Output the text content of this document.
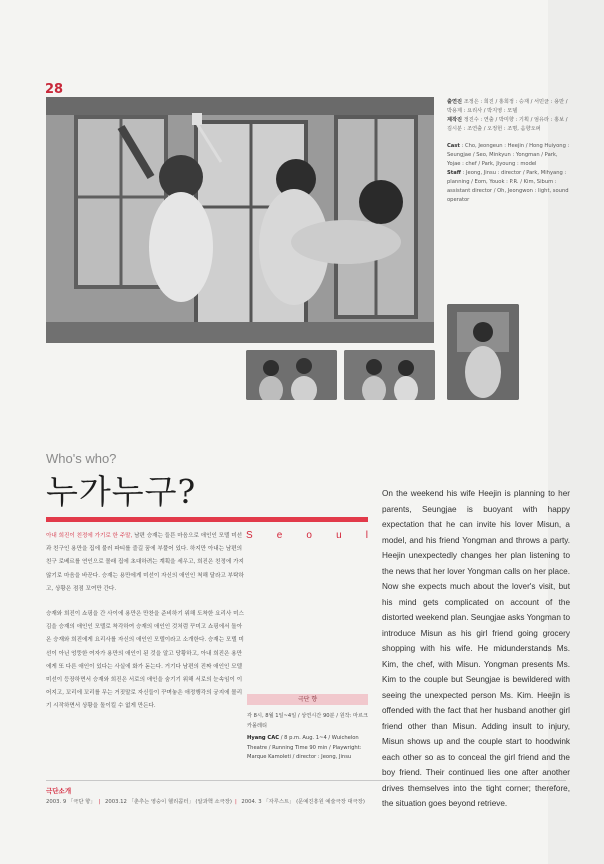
28

출연진 조정은 : 희진 / 홍희정 : 승재 / 서민균 : 용만 / 박용제 : 요리사 / 박지영 : 모델

제작진 정진수 : 연출 / 박미향 : 기획 / 엄유라 : 홍보 / 김시분 : 조연출 / 오정헌 : 조명, 음향오퍼

Cast : Cho, Jeongeun : Heejin / Hong Huiyong : Seungjae / Seo, Minkyun : Yongman / Park, Yojae : chef / Park, Jiyoung : model

Staff : Jeong, Jinsu : director / Park, Mihyang : planning / Eom, Youok : P.R. / Kim, Sibum : assistant director / Oh, Jeongwon : light, sound operator

Who's who?
누가누구?

아내 희진이 친정에 가기로 한 주말, 남편 승재는 들뜬 마음으로 애인인 모델 미선과 친구인 용만을 집에 불러 파티를 즐길 꿈에 부풀어 있다. 하지만 아내는 남편의 친구 로베르를 연인으로 몰래 집에 초대하려는 계획을 세우고, 희진은 친정에 가지 않기로 마음을 바꾼다. 승재는 용만에게 미선이 자신의 애인인 척해 달라고 부탁하고, 상황은 점점 꼬여만 간다.

승재와 희진이 쇼핑을 간 사이에 용만은 만찬을 준비하기 위해 도착한 요리사 미스김을 승재의 애인인 모델로 착각하여 승재의 애인인 것처럼 꾸미고 쇼핑에서 돌아온 승재와 희진에게 요리사를 자신의 애인인 모델이라고 소개한다. 승재는 모델 미선이 아닌 엉뚱한 여자가 용만의 애인이 된 것을 알고 당황하고, 아내 희진은 용만에게 또 다른 애인이 있다는 사실에 화가 돋는다. 거기다 남편의 진짜 애인인 모델 미선이 등장하면서 승재와 희진은 서로의 애인을 숨기기 위해 서로의 눈속임이 이어지고, 꼬리에 꼬리를 무는 거짓말로 자신들이 꾸며놓은 애정행각의 궁지에 몰리기 시작하면서 상황을 돌이킬 수 없게 만든다.

S e o u l
극단 향
각 8시, 8월 1일~4일 / 상연시간 90분 / 원작: 마르크 카몰레티
Hyang CAC / 8 p.m. Aug. 1~4 / Wuichelon Theatre / Running Time 90 min / Playwright: Marque Kamoleti / director : Jeong, Jinsu
On the weekend his wife Heejin is planning to her parents, Seungjae is buoyant with happy expectation that he can invite his lover Misun, a model, and his friend Yongman and throws a party. Heejin unexpectedly changes her plan listening to the news that her lover Yongman calls on her place. Now she expects much about the lover's visit, but his mind gets complicated on account of the distorted weekend plan. Seungjae asks Yongman to introduce Misun as his girl friend going grocery shopping with his wife. He midunderstands Ms. Kim, the chef, with Misun. Yongman presents Ms. Kim to the couple but Seungjae is bewildered with seeing the unexpected person Ms. Kim. Heejin is offended with the fact that her husband another girl friend other than Misun. Adding insult to injury, Misun shows up and the couple start to hoodwink each other so as to conceal the girl friend and the boy friend. Their continued lies one after another drives themselves into the tight corner; therefore, the situation goes beyond retrieve.
극단소개
2003. 9 「극단 향」 | 2003.12 「춘추는 영숭이 헬리콥터」 (알과핵 소극장) | 2004. 3 「자루스트」 (문예진흥원 예술극장 대극장)
